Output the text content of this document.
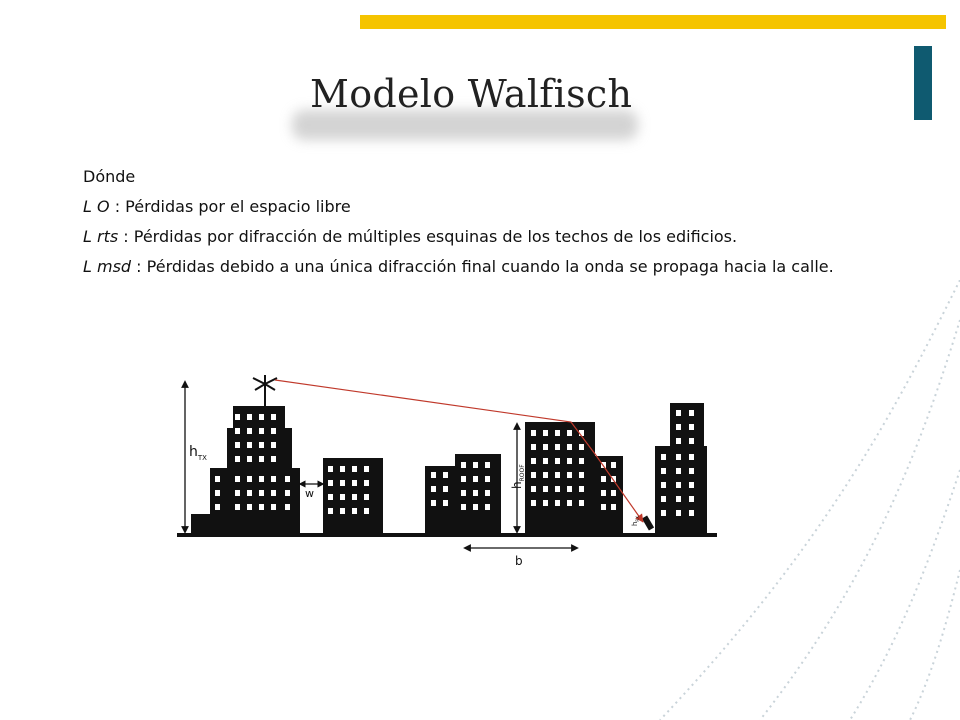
Modelo Walfisch
Dónde
L O : Pérdidas por el espacio libre
L rts : Pérdidas por difracción de múltiples esquinas de los techos de los edificios.
L msd : Pérdidas debido a una única difracción final cuando la onda se propaga hacia la calle.
$h_{TX}$
w
$h_{ROOF}$
b
$h_{RX}$
